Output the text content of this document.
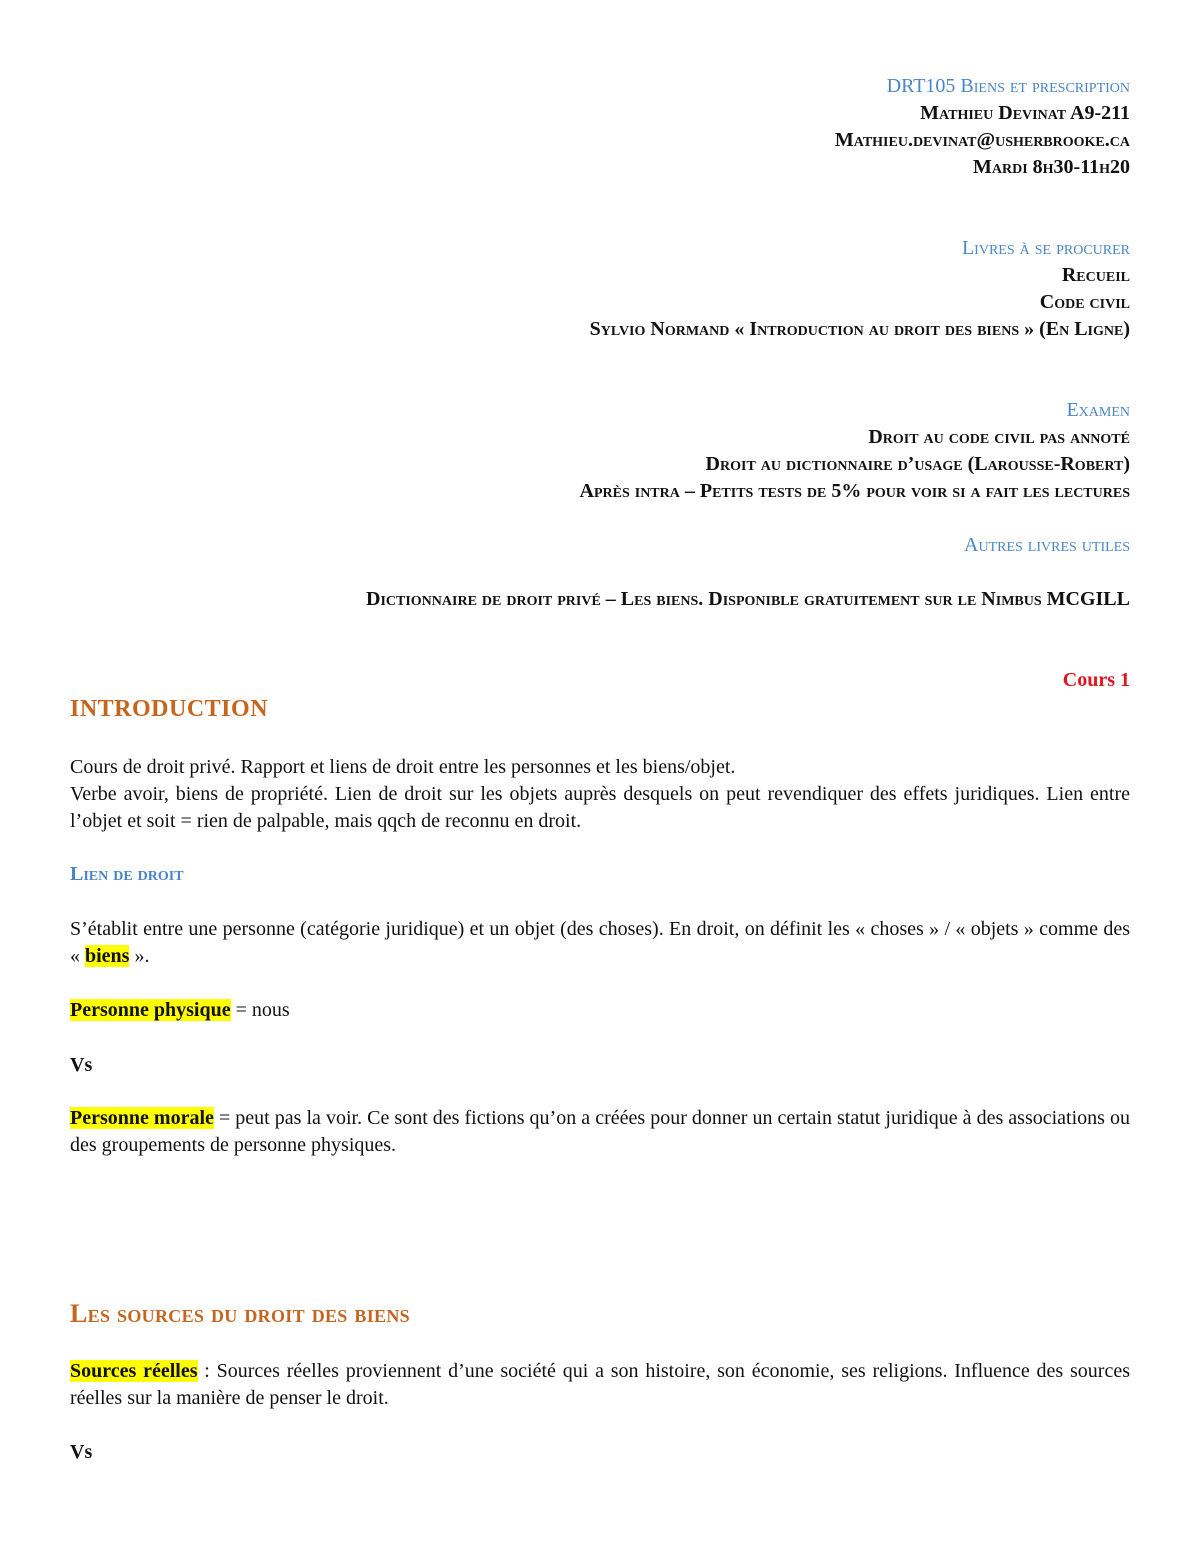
DRT105 Biens et prescription
Mathieu Devinat A9-211
Mathieu.devinat@usherbrooke.ca
Mardi 8h30-11h20
Livres à se procurer
Recueil
Code civil
Sylvio Normand « Introduction au droit des biens » (En Ligne)
Examen
Droit au code civil pas annoté
Droit au dictionnaire d’usage (Larousse-Robert)
Après intra – Petits tests de 5% pour voir si a fait les lectures
Autres livres utiles
Dictionnaire de droit privé – Les biens. Disponible gratuitement sur le Nimbus MCGILL
Cours 1
INTRODUCTION
Cours de droit privé. Rapport et liens de droit entre les personnes et les biens/objet.
Verbe avoir, biens de propriété. Lien de droit sur les objets auprès desquels on peut revendiquer des effets juridiques. Lien entre l’objet et soit = rien de palpable, mais qqch de reconnu en droit.
Lien de droit
S’établit entre une personne (catégorie juridique) et un objet (des choses). En droit, on définit les « choses » / « objets » comme des « biens ».
Personne physique = nous
Vs
Personne morale = peut pas la voir. Ce sont des fictions qu’on a créées pour donner un certain statut juridique à des associations ou des groupements de personne physiques.
Les sources du droit des biens
Sources réelles : Sources réelles proviennent d’une société qui a son histoire, son économie, ses religions. Influence des sources réelles sur la manière de penser le droit.
Vs
